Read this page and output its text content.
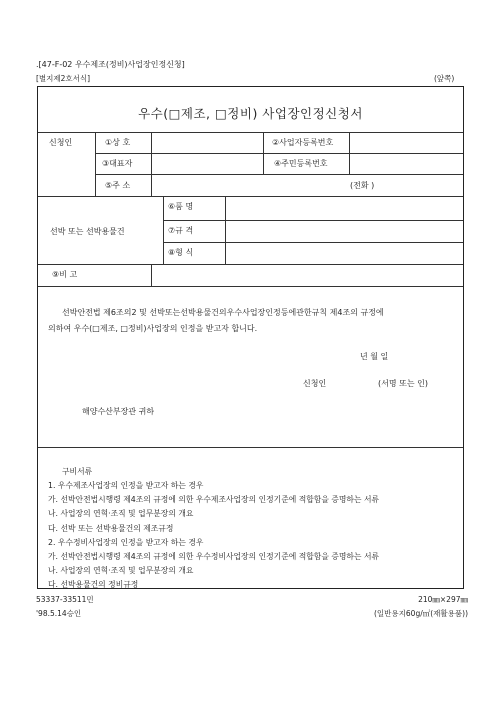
.[47-F-02 우수제조(정비)사업장인정신청]
[별지제2호서식]	(앞쪽)
우수(□제조, □정비) 사업장인정신청서
신청인	①상 호	②사업자등록번호
③대표자	④주민등록번호
⑤주 소	(전화 )
선박 또는 선박용물건
⑥품 명
⑦규 격
⑧형 식
⑨비 고
선박안전법 제6조의2 및 선박또는선박용물건의우수사업장인정등에관한규칙 제4조의 규정에
의하여 우수(□제조, □정비)사업장의 인정을 받고자 합니다.
년 월 일
신청인	(서명 또는 인)
해양수산부장관 귀하
구비서류
1. 우수제조사업장의 인정을 받고자 하는 경우
가. 선박안전법시행령 제4조의 규정에 의한 우수제조사업장의 인정기준에 적합함을 증명하는 서류
나. 사업장의 연혁·조직 및 업무분장의 개요
다. 선박 또는 선박용물건의 제조규정
2. 우수정비사업장의 인정을 받고자 하는 경우
가. 선박안전법시행령 제4조의 규정에 의한 우수정비사업장의 인정기준에 적합함을 증명하는 서류
나. 사업장의 연혁·조직 및 업무분장의 개요
다. 선박용물건의 정비규정
53337-33511민
'98.5.14승인
210㎜×297㎜
(일반용지60g/㎡(재활용품))
